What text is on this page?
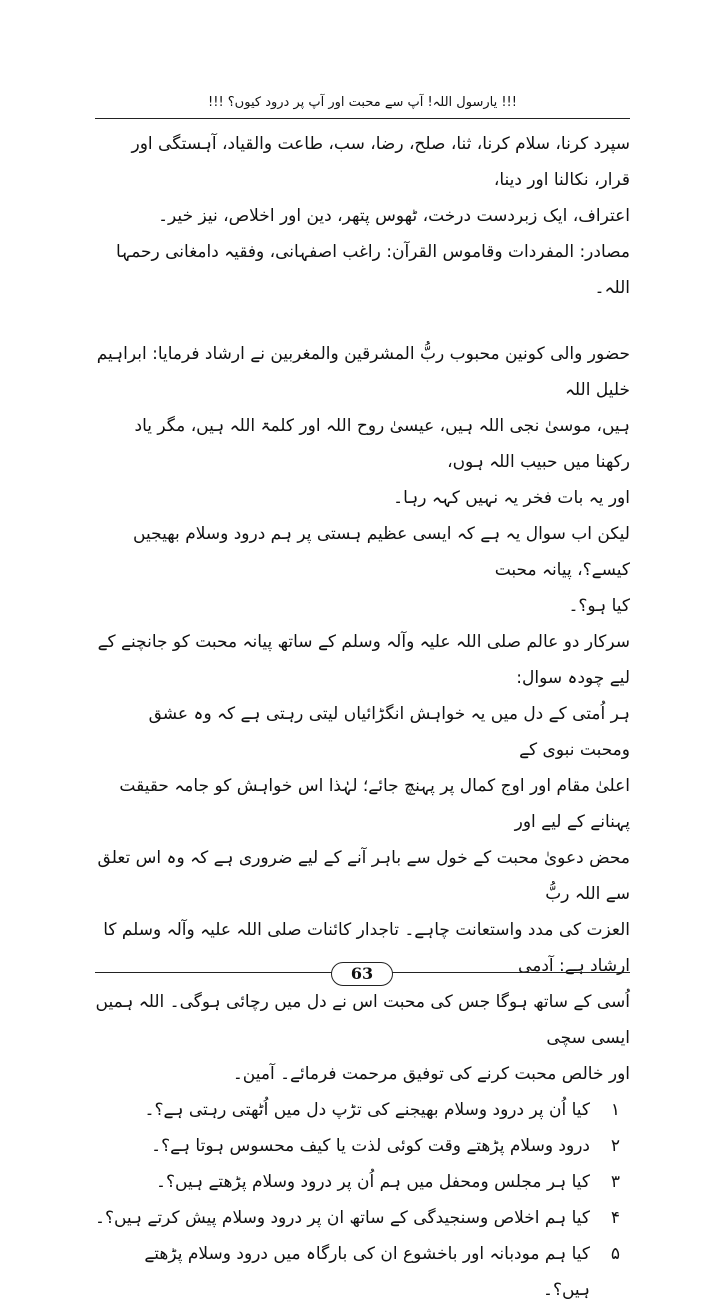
!!! یارسول اللہ! آپ سے محبت اور آپ پر درود کیوں؟ !!!

سپرد کرنا، سلام کرنا، ثنا، صلح، رضا، سب، طاعت والقیاد، آہستگی اور قرار، نکالنا اور دینا،

اعتراف، ایک زبردست درخت، ٹھوس پتھر، دین اور اخلاص، نیز خیر۔

مصادر: المفردات وقاموس القرآن: راغب اصفہانی، وفقیہ دامغانی رحمہا اللہ۔

حضور والی کونین محبوب ربُّ المشرقین والمغربین نے ارشاد فرمایا: ابراہیم خلیل اللہ

ہیں، موسیٰ نجی اللہ ہیں، عیسیٰ روح اللہ اور کلمۃ اللہ ہیں، مگر یاد رکھنا میں حبیب اللہ ہوں،

اور یہ بات فخر یہ نہیں کہہ رہا۔

لیکن اب سوال یہ ہے کہ ایسی عظیم ہستی پر ہم درود وسلام بھیجیں کیسے؟، پیانہ محبت

کیا ہو؟۔

سرکار دو عالم صلی اللہ علیہ وآلہ وسلم کے ساتھ پیانہ محبت کو جانچنے کے لیے چودہ سوال:

ہر اُمتی کے دل میں یہ خواہش انگڑائیاں لیتی رہتی ہے کہ وہ عشق ومحبت نبوی کے

اعلیٰ مقام اور اوج کمال پر پہنچ جائے؛ لہٰذا اس خواہش کو جامہ حقیقت پہنانے کے لیے اور

محض دعویٰ محبت کے خول سے باہر آنے کے لیے ضروری ہے کہ وہ اس تعلق سے اللہ ربُّ

العزت کی مدد واستعانت چاہے۔ تاجدار کائنات صلی اللہ علیہ وآلہ وسلم کا ارشاد ہے: آدمی

اُسی کے ساتھ ہوگا جس کی محبت اس نے دل میں رچائی ہوگی۔ اللہ ہمیں ایسی سچی

اور خالص محبت کرنے کی توفیق مرحمت فرمائے۔ آمین۔

۱
کیا اُن پر درود وسلام بھیجنے کی تڑپ دل میں اُٹھتی رہتی ہے؟۔
۲
درود وسلام پڑھتے وقت کوئی لذت یا کیف محسوس ہوتا ہے؟۔
۳
کیا ہر مجلس ومحفل میں ہم اُن پر درود وسلام پڑھتے ہیں؟۔
۴
کیا ہم اخلاص وسنجیدگی کے ساتھ ان پر درود وسلام پیش کرتے ہیں؟۔
۵
کیا ہم مودبانہ اور باخشوع ان کی بارگاہ میں درود وسلام پڑھتے ہیں؟۔
63
